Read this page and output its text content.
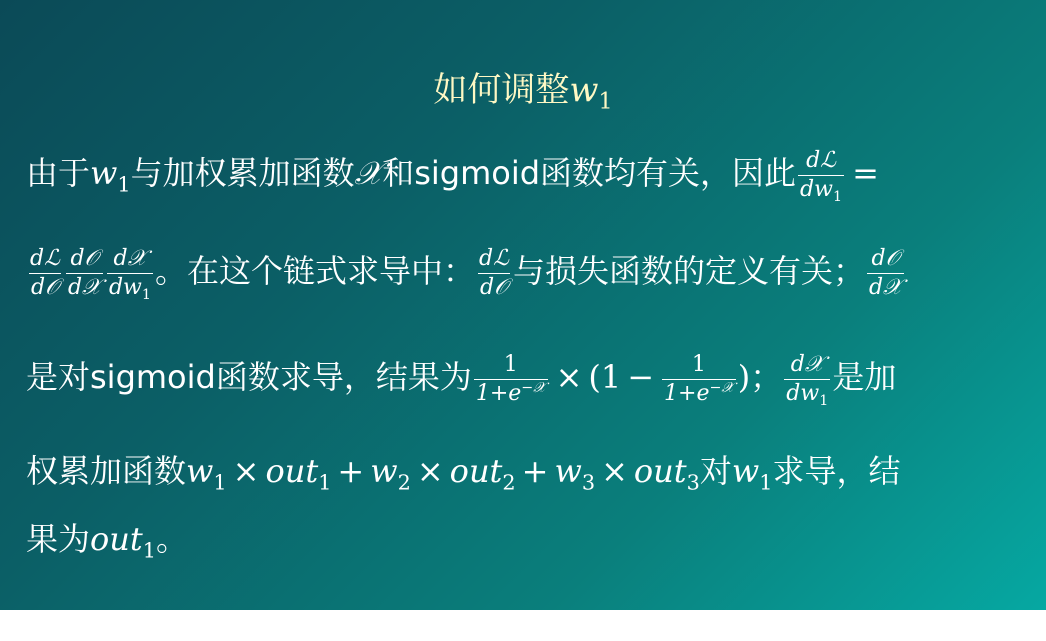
如何调整$w_1$
由于$w_1$与加权累加函数𝒳和sigmoid函数均有关，因此 $\frac{\text{dℒ}}{dw_1}$ =
$\frac{\text{dℒ}}{\text{d𝒪}} \frac{\text{d𝒪}}{\text{d𝒳}} \frac{\text{d𝒳}}{dw_1}$ 。在这个链式求导中： $\frac{\text{dℒ}}{\text{d𝒪}}$ 与损失函数的定义有关； $\frac{\text{d𝒪}}{\text{d𝒳}}$
是对sigmoid函数求导，结果为 $\frac{1}{1+e^{-𝒳}} \times (1 - \frac{1}{1+e^{-𝒳}}$ )； $\frac{\text{d𝒳}}{dw_1}$ 是加
权累加函数$w_1 \times out_1 + w_2 \times out_2 + w_3 \times out_3$对$w_1$求导，结
果为out$_1$。
